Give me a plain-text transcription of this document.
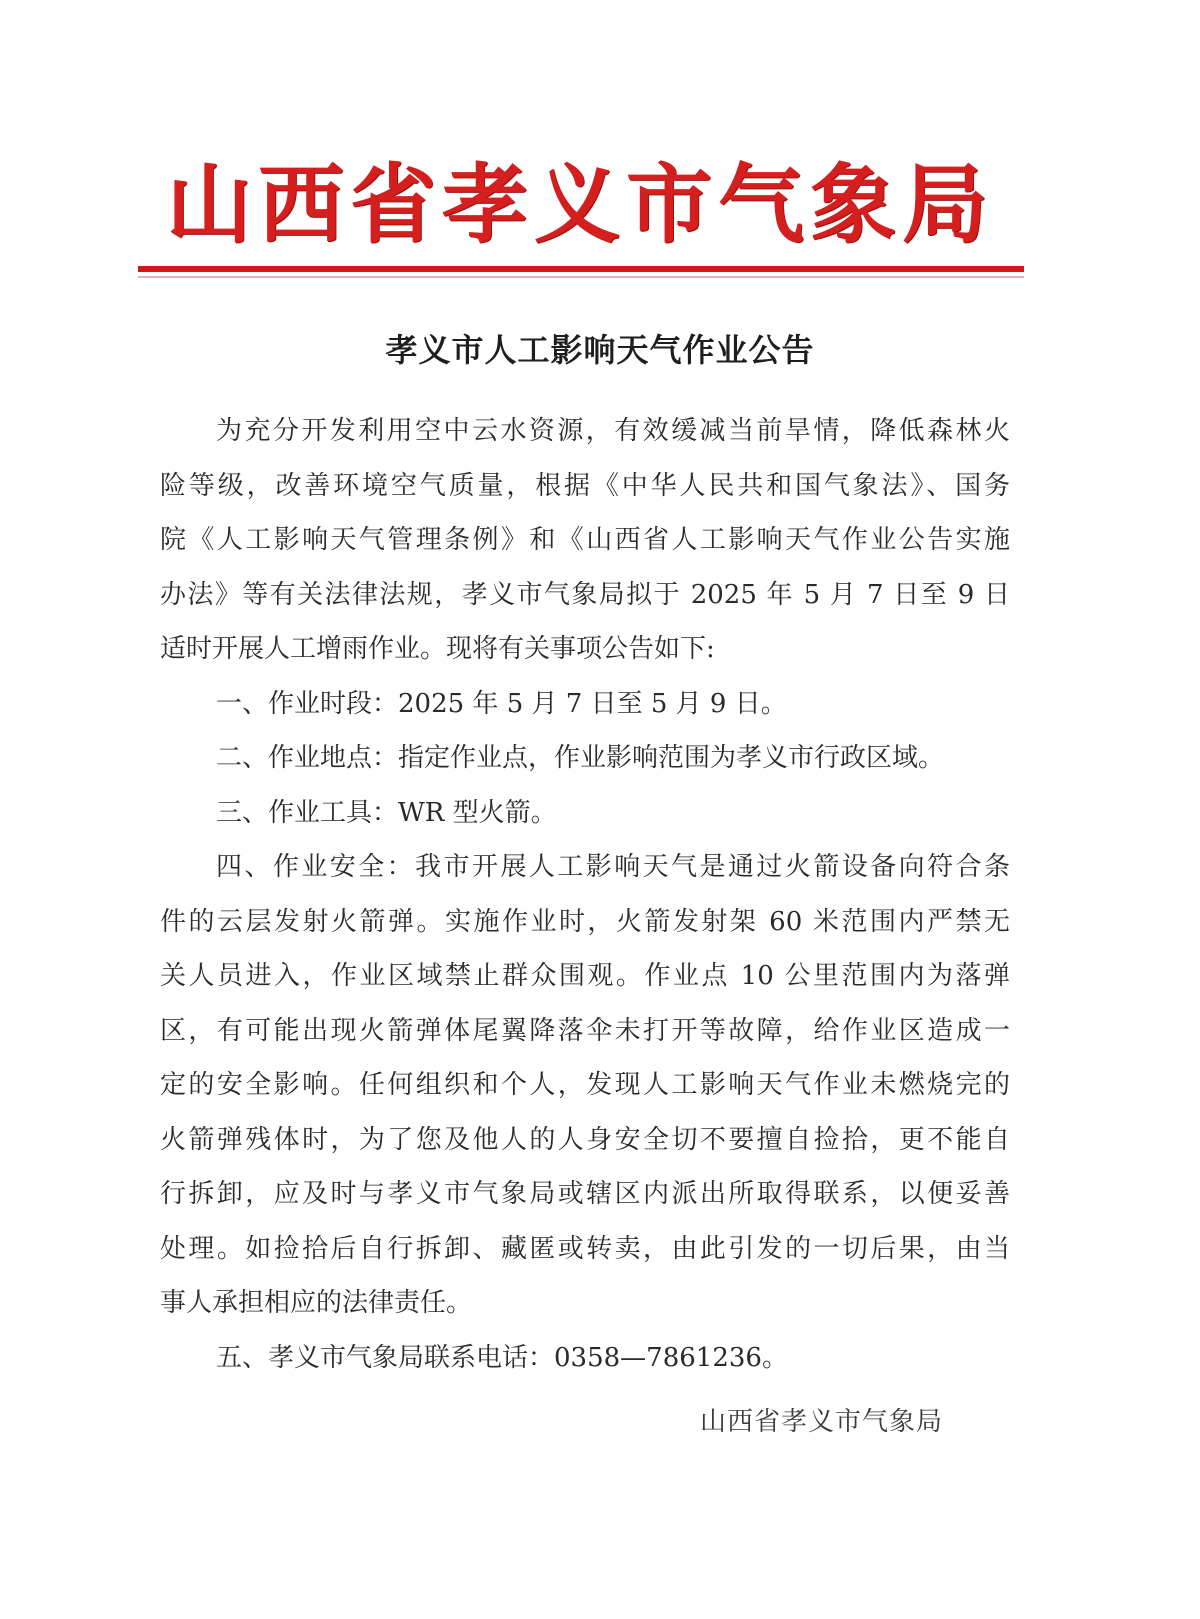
山西省孝义市气象局
孝义市人工影响天气作业公告
为充分开发利用空中云水资源，有效缓减当前旱情，降低森林火
险等级，改善环境空气质量，根据《中华人民共和国气象法》、国务
院《人工影响天气管理条例》和《山西省人工影响天气作业公告实施
办法》等有关法律法规，孝义市气象局拟于 2025 年 5 月 7 日至 9 日
适时开展人工增雨作业。现将有关事项公告如下:
一、作业时段：2025 年 5 月 7 日至 5 月 9 日。
二、作业地点：指定作业点，作业影响范围为孝义市行政区域。
三、作业工具：WR 型火箭。
四、作业安全：我市开展人工影响天气是通过火箭设备向符合条
件的云层发射火箭弹。实施作业时，火箭发射架 60 米范围内严禁无
关人员进入，作业区域禁止群众围观。作业点 10 公里范围内为落弹
区，有可能出现火箭弹体尾翼降落伞未打开等故障，给作业区造成一
定的安全影响。任何组织和个人，发现人工影响天气作业未燃烧完的
火箭弹残体时，为了您及他人的人身安全切不要擅自捡拾，更不能自
行拆卸，应及时与孝义市气象局或辖区内派出所取得联系，以便妥善
处理。如捡拾后自行拆卸、藏匿或转卖，由此引发的一切后果，由当
事人承担相应的法律责任。
五、孝义市气象局联系电话：0358—7861236。
山西省孝义市气象局
